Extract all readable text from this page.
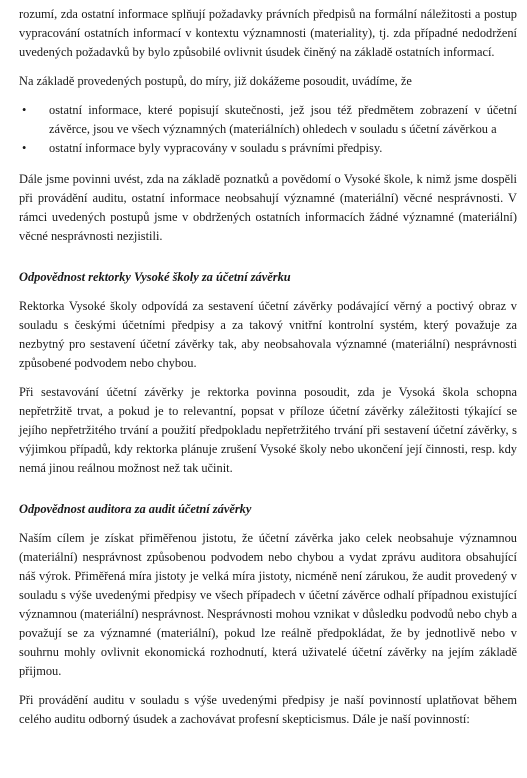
rozumí, zda ostatní informace splňují požadavky právních předpisů na formální náležitosti a postup vypracování ostatních informací v kontextu významnosti (materiality), tj. zda případné nedodržení uvedených požadavků by bylo způsobilé ovlivnit úsudek činěný na základě ostatních informací.

Na základě provedených postupů, do míry, již dokážeme posoudit, uvádíme, že

• ostatní informace, které popisují skutečnosti, jež jsou též předmětem zobrazení v účetní závěrce, jsou ve všech významných (materiálních) ohledech v souladu s účetní závěrkou a
• ostatní informace byly vypracovány v souladu s právními předpisy.

Dále jsme povinni uvést, zda na základě poznatků a povědomí o Vysoké škole, k nimž jsme dospěli při provádění auditu, ostatní informace neobsahují významné (materiální) věcné nesprávnosti. V rámci uvedených postupů jsme v obdržených ostatních informacích žádné významné (materiální) věcné nesprávnosti nezjistili.

Odpovědnost rektorky Vysoké školy za účetní závěrku

Rektorka Vysoké školy odpovídá za sestavení účetní závěrky podávající věrný a poctivý obraz v souladu s českými účetními předpisy a za takový vnitřní kontrolní systém, který považuje za nezbytný pro sestavení účetní závěrky tak, aby neobsahovala významné (materiální) nesprávnosti způsobené podvodem nebo chybou.

Při sestavování účetní závěrky je rektorka povinna posoudit, zda je Vysoká škola schopna nepřetržitě trvat, a pokud je to relevantní, popsat v příloze účetní závěrky záležitosti týkající se jejího nepřetržitého trvání a použití předpokladu nepřetržitého trvání při sestavení účetní závěrky, s výjimkou případů, kdy rektorka plánuje zrušení Vysoké školy nebo ukončení její činnosti, resp. kdy nemá jinou reálnou možnost než tak učinit.

Odpovědnost auditora za audit účetní závěrky

Naším cílem je získat přiměřenou jistotu, že účetní závěrka jako celek neobsahuje významnou (materiální) nesprávnost způsobenou podvodem nebo chybou a vydat zprávu auditora obsahující náš výrok. Přiměřená míra jistoty je velká míra jistoty, nicméně není zárukou, že audit provedený v souladu s výše uvedenými předpisy ve všech případech v účetní závěrce odhalí případnou existující významnou (materiální) nesprávnost. Nesprávnosti mohou vznikat v důsledku podvodů nebo chyb a považují se za významné (materiální), pokud lze reálně předpokládat, že by jednotlivě nebo v souhrnu mohly ovlivnit ekonomická rozhodnutí, která uživatelé účetní závěrky na jejím základě přijmou.

Při provádění auditu v souladu s výše uvedenými předpisy je naší povinností uplatňovat během celého auditu odborný úsudek a zachovávat profesní skepticismus. Dále je naší povinností:
